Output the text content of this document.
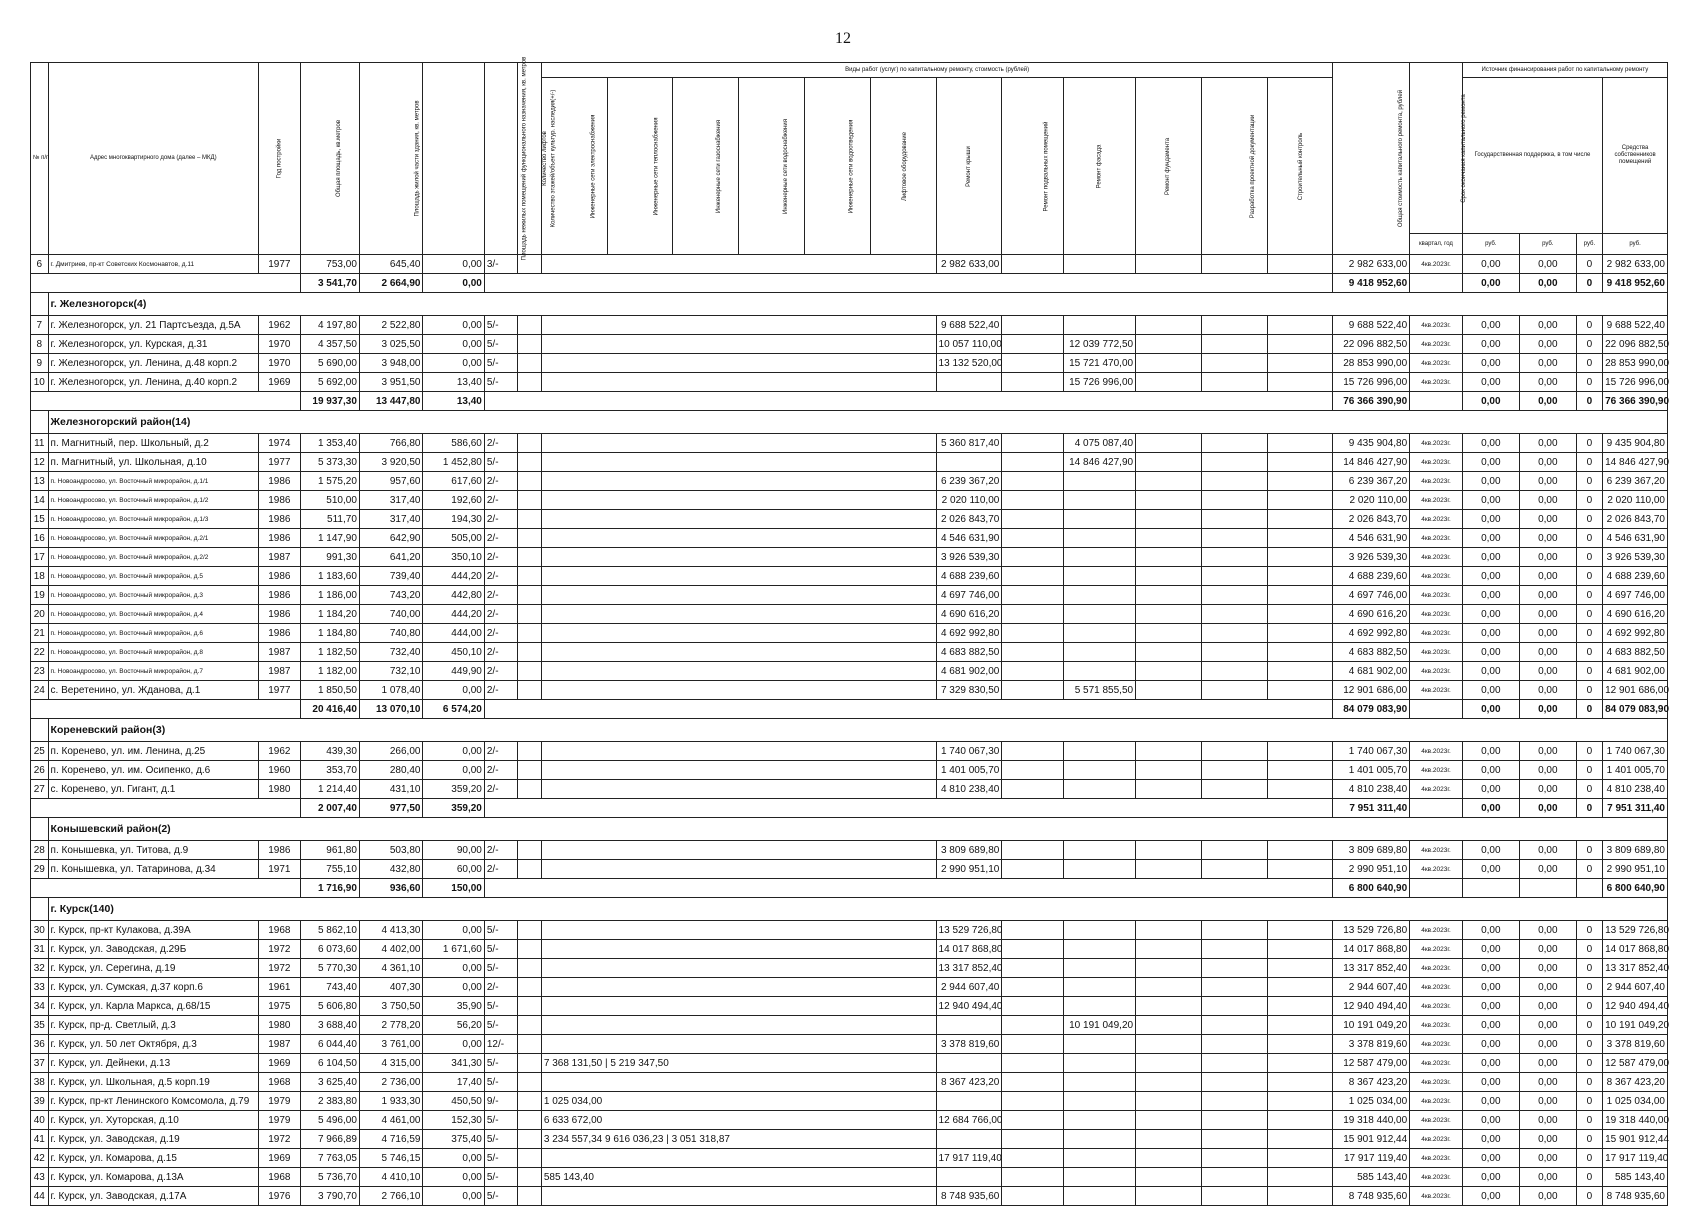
12
№ п/п	Адрес многоквартирного дома (далее – МКД)	Год постройки	Общая площадь, кв.метров	Площадь жилой части здания, кв. метров	Площадь нежилых помещений функционального назначения, кв. метров	Количество этажей/объект культур. наследия(+/-)	Количество лифтов	Виды работ (услуг) по капитальному ремонту, стоимость (рублей)												Общая стоимость капитального ремонта, рублей	Срок окончания капитального ремонта	Источник финансирования работ по капитальному ремонту			
								Инженерные сети электроснабжения	Инженерные сети теплоснабжения	Инженерные сети газоснабжения	Инженерные сети водоснабжения	Инженерные сети водоотведения	Лифтовое оборудование	Ремонт крыши	Ремонт подвальных помещений	Ремонт фасада	Ремонт фундамента	Разработка проектной документации	Строительный контроль			Государственная поддержка, в том числе			Средства собственников помещений
																					квартал, год	руб.	руб.	руб.	руб.
6	г. Дмитриев, пр-кт Советских Космонавтов, д.11	1977	753,00	645,40	0,00	3/-								2 982 633,00						2 982 633,00	4кв.2023г.	0,00	0,00	0	2 982 633,00
			3 541,70	2 664,90	0,00															9 418 952,60		0,00	0,00	0	9 418 952,60
	г. Железногорск(4)																								
7	г. Железногорск, ул. 21 Партсъезда, д.5А	1962	4 197,80	2 522,80	0,00	5/-								9 688 522,40						9 688 522,40	4кв.2023г.	0,00	0,00	0	9 688 522,40
8	г. Железногорск, ул. Курская, д.31	1970	4 357,50	3 025,50	0,00	5/-								10 057 110,00		12 039 772,50				22 096 882,50	4кв.2023г.	0,00	0,00	0	22 096 882,50
9	г. Железногорск, ул. Ленина, д.48 корп.2	1970	5 690,00	3 948,00	0,00	5/-								13 132 520,00		15 721 470,00				28 853 990,00	4кв.2023г.	0,00	0,00	0	28 853 990,00
10	г. Железногорск, ул. Ленина, д.40 корп.2	1969	5 692,00	3 951,50	13,40	5/-										15 726 996,00				15 726 996,00	4кв.2023г.	0,00	0,00	0	15 726 996,00
			19 937,30	13 447,80	13,40															76 366 390,90		0,00	0,00	0	76 366 390,90
	Железногорский район(14)																								
11	п. Магнитный, пер. Школьный, д.2	1974	1 353,40	766,80	586,60	2/-								5 360 817,40		4 075 087,40				9 435 904,80	4кв.2023г.	0,00	0,00	0	9 435 904,80
12	п. Магнитный, ул. Школьная, д.10	1977	5 373,30	3 920,50	1 452,80	5/-										14 846 427,90				14 846 427,90	4кв.2023г.	0,00	0,00	0	14 846 427,90
13	п. Новоандросово, ул. Восточный микрорайон, д.1/1	1986	1 575,20	957,60	617,60	2/-								6 239 367,20						6 239 367,20	4кв.2023г.	0,00	0,00	0	6 239 367,20
14	п. Новоандросово, ул. Восточный микрорайон, д.1/2	1986	510,00	317,40	192,60	2/-								2 020 110,00						2 020 110,00	4кв.2023г.	0,00	0,00	0	2 020 110,00
15	п. Новоандросово, ул. Восточный микрорайон, д.1/3	1986	511,70	317,40	194,30	2/-								2 026 843,70						2 026 843,70	4кв.2023г.	0,00	0,00	0	2 026 843,70
16	п. Новоандросово, ул. Восточный микрорайон, д.2/1	1986	1 147,90	642,90	505,00	2/-								4 546 631,90						4 546 631,90	4кв.2023г.	0,00	0,00	0	4 546 631,90
17	п. Новоандросово, ул. Восточный микрорайон, д.2/2	1987	991,30	641,20	350,10	2/-								3 926 539,30						3 926 539,30	4кв.2023г.	0,00	0,00	0	3 926 539,30
18	п. Новоандросово, ул. Восточный микрорайон, д.5	1986	1 183,60	739,40	444,20	2/-								4 688 239,60						4 688 239,60	4кв.2023г.	0,00	0,00	0	4 688 239,60
19	п. Новоандросово, ул. Восточный микрорайон, д.3	1986	1 186,00	743,20	442,80	2/-								4 697 746,00						4 697 746,00	4кв.2023г.	0,00	0,00	0	4 697 746,00
20	п. Новоандросово, ул. Восточный микрорайон, д.4	1986	1 184,20	740,00	444,20	2/-								4 690 616,20						4 690 616,20	4кв.2023г.	0,00	0,00	0	4 690 616,20
21	п. Новоандросово, ул. Восточный микрорайон, д.6	1986	1 184,80	740,80	444,00	2/-								4 692 992,80						4 692 992,80	4кв.2023г.	0,00	0,00	0	4 692 992,80
22	п. Новоандросово, ул. Восточный микрорайон, д.8	1987	1 182,50	732,40	450,10	2/-								4 683 882,50						4 683 882,50	4кв.2023г.	0,00	0,00	0	4 683 882,50
23	п. Новоандросово, ул. Восточный микрорайон, д.7	1987	1 182,00	732,10	449,90	2/-								4 681 902,00						4 681 902,00	4кв.2023г.	0,00	0,00	0	4 681 902,00
24	с. Веретенино, ул. Жданова, д.1	1977	1 850,50	1 078,40	0,00	2/-								7 329 830,50		5 571 855,50				12 901 686,00	4кв.2023г.	0,00	0,00	0	12 901 686,00
			20 416,40	13 070,10	6 574,20															84 079 083,90		0,00	0,00	0	84 079 083,90
	Кореневский район(3)																								
25	п. Коренево, ул. им. Ленина, д.25	1962	439,30	266,00	0,00	2/-								1 740 067,30						1 740 067,30	4кв.2023г.	0,00	0,00	0	1 740 067,30
26	п. Коренево, ул. им. Осипенко, д.6	1960	353,70	280,40	0,00	2/-								1 401 005,70						1 401 005,70	4кв.2023г.	0,00	0,00	0	1 401 005,70
27	с. Коренево, ул. Гигант, д.1	1980	1 214,40	431,10	359,20	2/-								4 810 238,40						4 810 238,40	4кв.2023г.	0,00	0,00	0	4 810 238,40
			2 007,40	977,50	359,20															7 951 311,40		0,00	0,00	0	7 951 311,40
	Конышевский район(2)																								
28	п. Конышевка, ул. Титова, д.9	1986	961,80	503,80	90,00	2/-								3 809 689,80						3 809 689,80	4кв.2023г.	0,00	0,00	0	3 809 689,80
29	п. Конышевка, ул. Татаринова, д.34	1971	755,10	432,80	60,00	2/-								2 990 951,10						2 990 951,10	4кв.2023г.	0,00	0,00	0	2 990 951,10
			1 716,90	936,60	150,00															6 800 640,90					6 800 640,90
	г. Курск(140)																								
30	г. Курск, пр-кт Кулакова, д.39А	1968	5 862,10	4 413,30	0,00	5/-								13 529 726,80						13 529 726,80	4кв.2023г.	0,00	0,00	0	13 529 726,80
31	г. Курск, ул. Заводская, д.29Б	1972	6 073,60	4 402,00	1 671,60	5/-								14 017 868,80						14 017 868,80	4кв.2023г.	0,00	0,00	0	14 017 868,80
32	г. Курск, ул. Серегина, д.19	1972	5 770,30	4 361,10	0,00	5/-								13 317 852,40						13 317 852,40	4кв.2023г.	0,00	0,00	0	13 317 852,40
33	г. Курск, ул. Сумская, д.37 корп.6	1961	743,40	407,30	0,00	2/-								2 944 607,40						2 944 607,40	4кв.2023г.	0,00	0,00	0	2 944 607,40
34	г. Курск, ул. Карла Маркса, д.68/15	1975	5 606,80	3 750,50	35,90	5/-								12 940 494,40						12 940 494,40	4кв.2023г.	0,00	0,00	0	12 940 494,40
35	г. Курск, пр-д. Светлый, д.3	1980	3 688,40	2 778,20	56,20	5/-										10 191 049,20				10 191 049,20	4кв.2023г.	0,00	0,00	0	10 191 049,20
36	г. Курск, ул. 50 лет Октября, д.3	1987	6 044,40	3 761,00	0,00	12/-								3 378 819,60						3 378 819,60	4кв.2023г.	0,00	0,00	0	3 378 819,60
37	г. Курск, ул. Дейнеки, д.13	1969	6 104,50	4 315,00	341,30	5/-		7 368 131,50 | 5 219 347,50												12 587 479,00	4кв.2023г.	0,00	0,00	0	12 587 479,00
38	г. Курск, ул. Школьная, д.5 корп.19	1968	3 625,40	2 736,00	17,40	5/-								8 367 423,20						8 367 423,20	4кв.2023г.	0,00	0,00	0	8 367 423,20
39	г. Курск, пр-кт Ленинского Комсомола, д.79	1979	2 383,80	1 933,30	450,50	9/-		1 025 034,00												1 025 034,00	4кв.2023г.	0,00	0,00	0	1 025 034,00
40	г. Курск, ул. Хуторская, д.10	1979	5 496,00	4 461,00	152,30	5/-		6 633 672,00						12 684 766,00						19 318 440,00	4кв.2023г.	0,00	0,00	0	19 318 440,00
41	г. Курск, ул. Заводская, д.19	1972	7 966,89	4 716,59	375,40	5/-		3 234 557,34 9 616 036,23 | 3 051 318,87												15 901 912,44	4кв.2023г.	0,00	0,00	0	15 901 912,44
42	г. Курск, ул. Комарова, д.15	1969	7 763,05	5 746,15	0,00	5/-								17 917 119,40						17 917 119,40	4кв.2023г.	0,00	0,00	0	17 917 119,40
43	г. Курск, ул. Комарова, д.13А	1968	5 736,70	4 410,10	0,00	5/-		585 143,40												585 143,40	4кв.2023г.	0,00	0,00	0	585 143,40
44	г. Курск, ул. Заводская, д.17А	1976	3 790,70	2 766,10	0,00	5/-								8 748 935,60						8 748 935,60	4кв.2023г.	0,00	0,00	0	8 748 935,60
